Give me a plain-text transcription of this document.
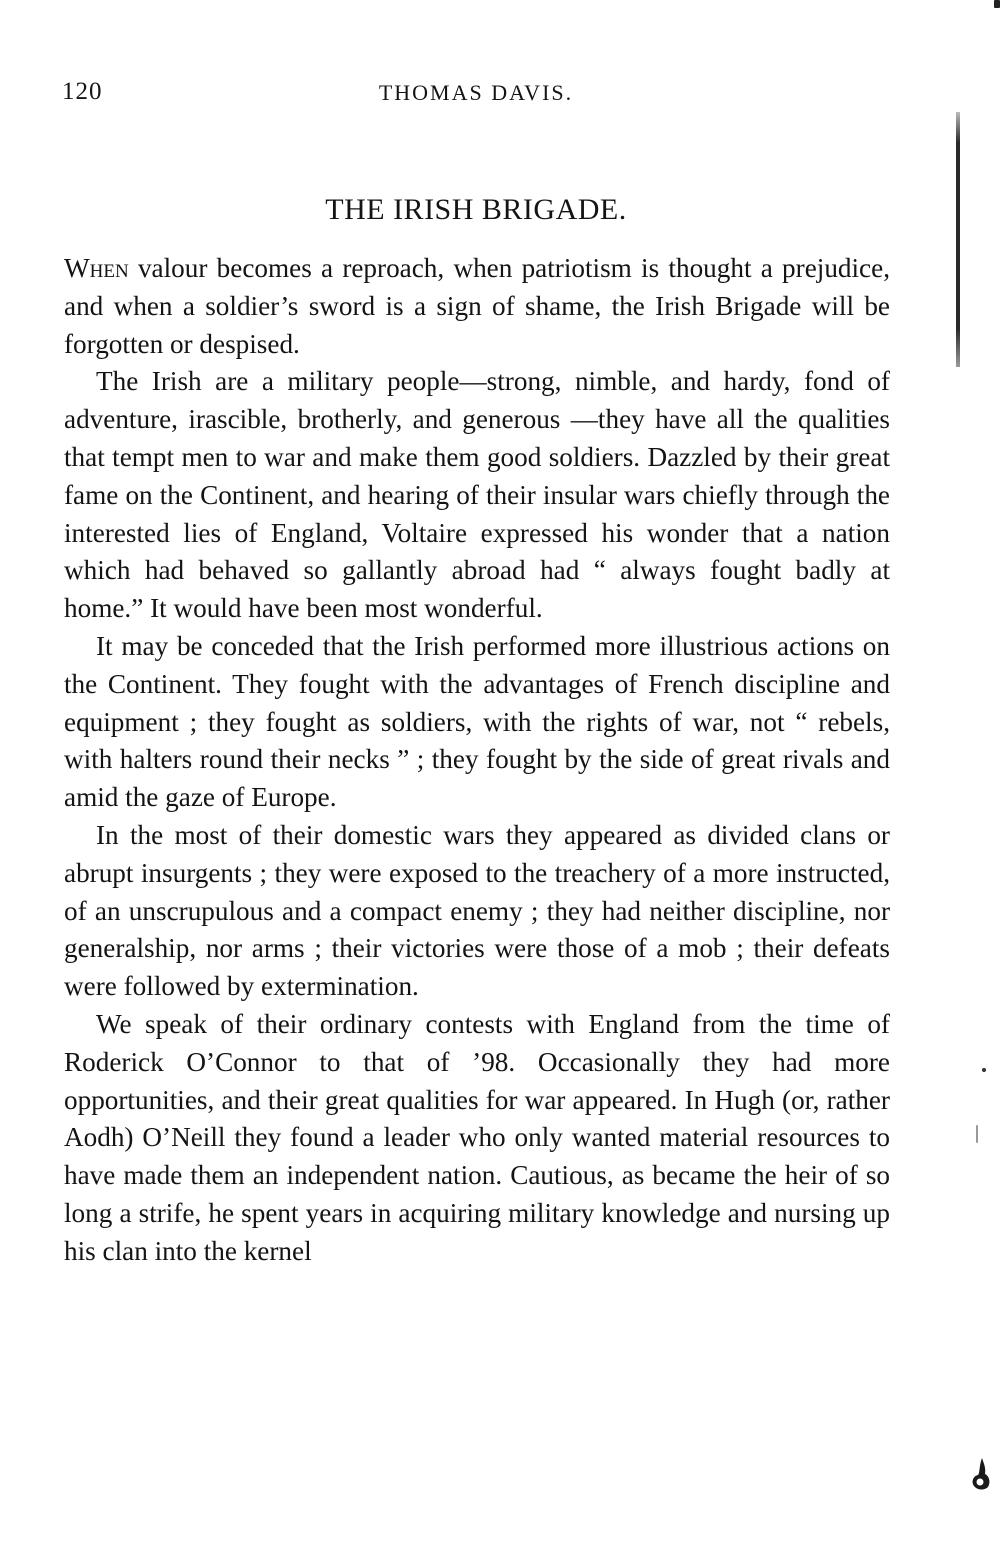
120	THOMAS DAVIS.
THE IRISH BRIGADE.

When valour becomes a reproach, when patriotism is thought a prejudice, and when a soldier’s sword is a sign of shame, the Irish Brigade will be forgotten or despised.

The Irish are a military people—strong, nimble, and hardy, fond of adventure, irascible, brotherly, and generous —they have all the qualities that tempt men to war and make them good soldiers. Dazzled by their great fame on the Continent, and hearing of their insular wars chiefly through the interested lies of England, Voltaire expressed his wonder that a nation which had behaved so gallantly abroad had “ always fought badly at home.” It would have been most wonderful.

It may be conceded that the Irish performed more illustrious actions on the Continent. They fought with the advantages of French discipline and equipment ; they fought as soldiers, with the rights of war, not “ rebels, with halters round their necks ” ; they fought by the side of great rivals and amid the gaze of Europe.

In the most of their domestic wars they appeared as divided clans or abrupt insurgents ; they were exposed to the treachery of a more instructed, of an unscrupulous and a compact enemy ; they had neither discipline, nor generalship, nor arms ; their victories were those of a mob ; their defeats were followed by extermination.

We speak of their ordinary contests with England from the time of Roderick O’Connor to that of ’98. Occasionally they had more opportunities, and their great qualities for war appeared. In Hugh (or, rather Aodh) O’Neill they found a leader who only wanted material resources to have made them an independent nation. Cautious, as became the heir of so long a strife, he spent years in acquiring military knowledge and nursing up his clan into the kernel
